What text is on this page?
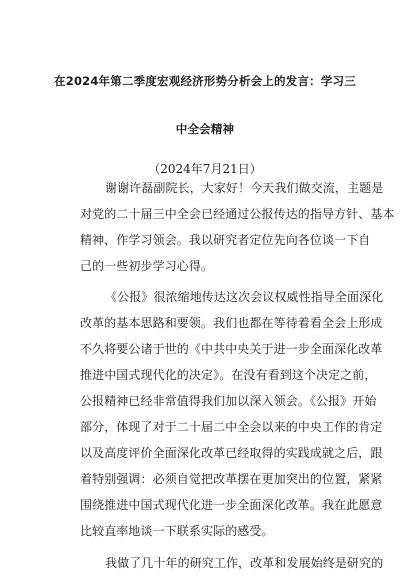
在2024年第二季度宏观经济形势分析会上的发言：学习三
中全会精神
（2024年7月21日）
谢谢许磊副院长，大家好！今天我们做交流，主题是
对党的二十届三中全会已经通过公报传达的指导方针、基本
精神，作学习领会。我以研究者定位先向各位谈一下自
己的一些初步学习心得。
《公报》很浓缩地传达这次会议权威性指导全面深化
改革的基本思路和要领。我们也都在等待着看全会上形成
不久将要公诸于世的《中共中央关于进一步全面深化改革
推进中国式现代化的决定》。在没有看到这个决定之前，
公报精神已经非常值得我们加以深入领会。《公报》开始
部分，体现了对于二十届二中全会以来的中央工作的肯定
以及高度评价全面深化改革已经取得的实践成就之后，跟
着特别强调：必须自觉把改革摆在更加突出的位置，紧紧
围绕推进中国式现代化进一步全面深化改革。我在此愿意
比较直率地谈一下联系实际的感受。
我做了几十年的研究工作，改革和发展始终是研究的
